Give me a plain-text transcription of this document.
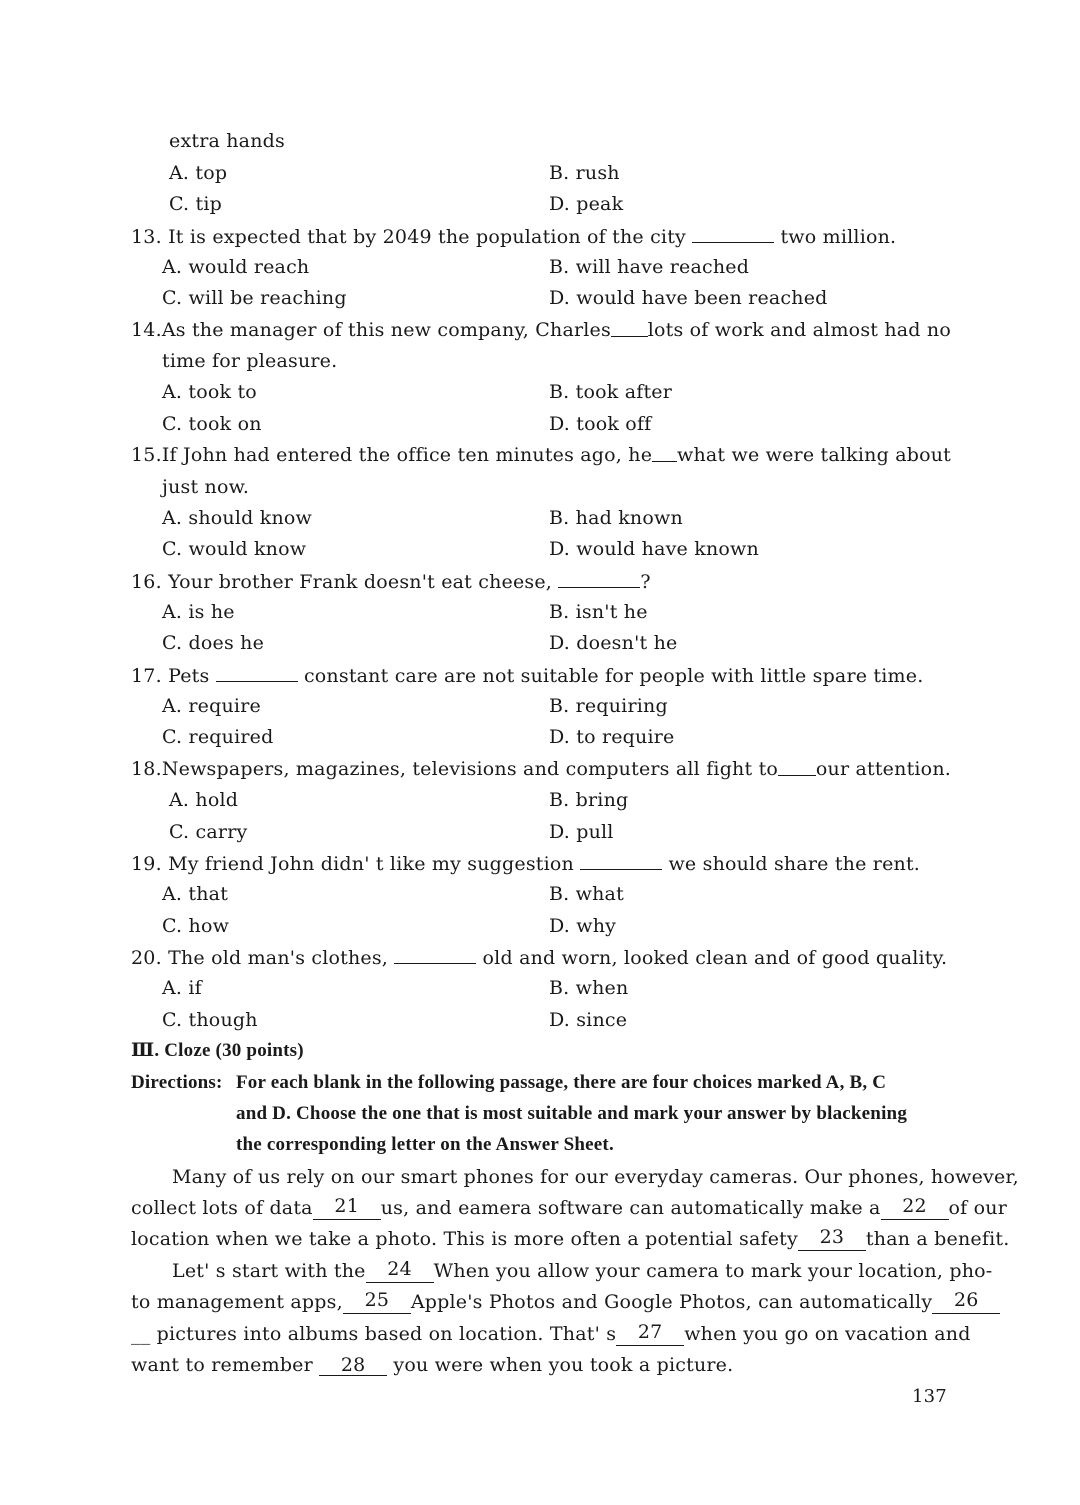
extra hands
A. top	B. rush
C. tip	D. peak
13. It is expected that by 2049 the population of the city	two million.
A. would reach	B. will have reached
C. will be reaching	D. would have been reached
14. As the manager of this new company, Charles lots of work and almost had no
time for pleasure.
A. took to	B. took after
C. took on	D. took off
15. If John had entered the office ten minutes ago, he what we were talking about
just now.
A. should know	B. had known
C. would know	D. would have known
16. Your brother Frank doesn't eat cheese,	?
A. is he	B. isn't he
C. does he	D. doesn't he
17. Pets	constant care are not suitable for people with little spare time.
A. require	B. requiring
C. required	D. to require
18. Newspapers, magazines, televisions and computers all fight to our attention.
A. hold	B. bring
C. carry	D. pull
19. My friend John didn' t like my suggestion	we should share the rent.
A. that	B. what
C. how	D. why
20. The old man's clothes,	old and worn, looked clean and of good quality.
A. if	B. when
C. though	D. since
Ⅲ. Cloze (30 points)
Directions: For each blank in the following passage, there are four choices marked A, B, C
and D. Choose the one that is most suitable and mark your answer by blackening
the corresponding letter on the Answer Sheet.
Many of us rely on our smart phones for our everyday cameras. Our phones, however,
collect lots of data	21	us, and eamera software can automatically make a	22	of our
location when we take a photo. This is more often a potential safety	23	than a benefit.
Let' s start with the	24	When you allow your camera to mark your location, pho-
to management apps,	25	Apple's Photos and Google Photos, can automatically	26
__ pictures into albums based on location. That' s	27	when you go on vacation and
want to remember 28 you were when you took a picture.
137
